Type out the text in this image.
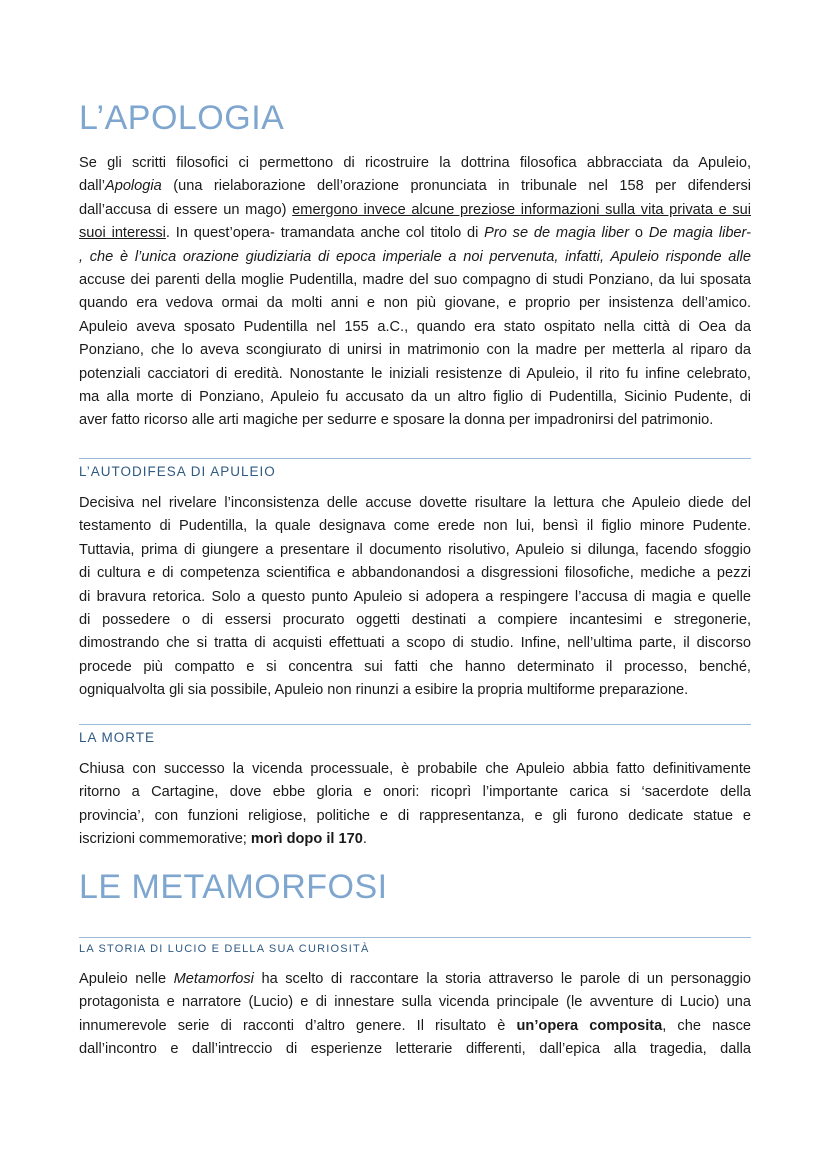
L’APOLOGIA
Se gli scritti filosofici ci permettono di ricostruire la dottrina filosofica abbracciata da Apuleio,
dall’Apologia (una rielaborazione dell’orazione pronunciata in tribunale nel 158 per difendersi
dall’accusa di essere un mago) emergono invece alcune preziose informazioni sulla vita privata e sui
suoi interessi. In quest’opera- tramandata anche col titolo di Pro se de magia liber o De magia liber-
, che è l’unica orazione giudiziaria di epoca imperiale a noi pervenuta, infatti, Apuleio risponde alle
accuse dei parenti della moglie Pudentilla, madre del suo compagno di studi Ponziano, da lui sposata
quando era vedova ormai da molti anni e non più giovane, e proprio per insistenza dell’amico.
Apuleio aveva sposato Pudentilla nel 155 a.C., quando era stato ospitato nella città di Oea da
Ponziano, che lo aveva scongiurato di unirsi in matrimonio con la madre per metterla al riparo da
potenziali cacciatori di eredità. Nonostante le iniziali resistenze di Apuleio, il rito fu infine celebrato,
ma alla morte di Ponziano, Apuleio fu accusato da un altro figlio di Pudentilla, Sicinio Pudente, di
aver fatto ricorso alle arti magiche per sedurre e sposare la donna per impadronirsi del patrimonio.
L’AUTODIFESA DI APULEIO
Decisiva nel rivelare l’inconsistenza delle accuse dovette risultare la lettura che Apuleio diede del
testamento di Pudentilla, la quale designava come erede non lui, bensì il figlio minore Pudente.
Tuttavia, prima di giungere a presentare il documento risolutivo, Apuleio si dilunga, facendo sfoggio
di cultura e di competenza scientifica e abbandonandosi a disgressioni filosofiche, mediche a pezzi
di bravura retorica. Solo a questo punto Apuleio si adopera a respingere l’accusa di magia e quelle
di possedere o di essersi procurato oggetti destinati a compiere incantesimi e stregonerie,
dimostrando che si tratta di acquisti effettuati a scopo di studio. Infine, nell’ultima parte, il discorso
procede più compatto e si concentra sui fatti che hanno determinato il processo, benché,
ogniqualvolta gli sia possibile, Apuleio non rinunzi a esibire la propria multiforme preparazione.
LA MORTE
Chiusa con successo la vicenda processuale, è probabile che Apuleio abbia fatto definitivamente
ritorno a Cartagine, dove ebbe gloria e onori: ricoprì l’importante carica si ‘sacerdote della
provincia’, con funzioni religiose, politiche e di rappresentanza, e gli furono dedicate statue e
iscrizioni commemorative; morì dopo il 170.
LE METAMORFOSI
LA STORIA DI LUCIO E DELLA SUA CURIOSITÀ
Apuleio nelle Metamorfosi ha scelto di raccontare la storia attraverso le parole di un personaggio
protagonista e narratore (Lucio) e di innestare sulla vicenda principale (le avventure di Lucio) una
innumerevole serie di racconti d’altro genere. Il risultato è un’opera composita, che nasce
dall’incontro e dall’intreccio di esperienze letterarie differenti, dall’epica alla tragedia, dalla
